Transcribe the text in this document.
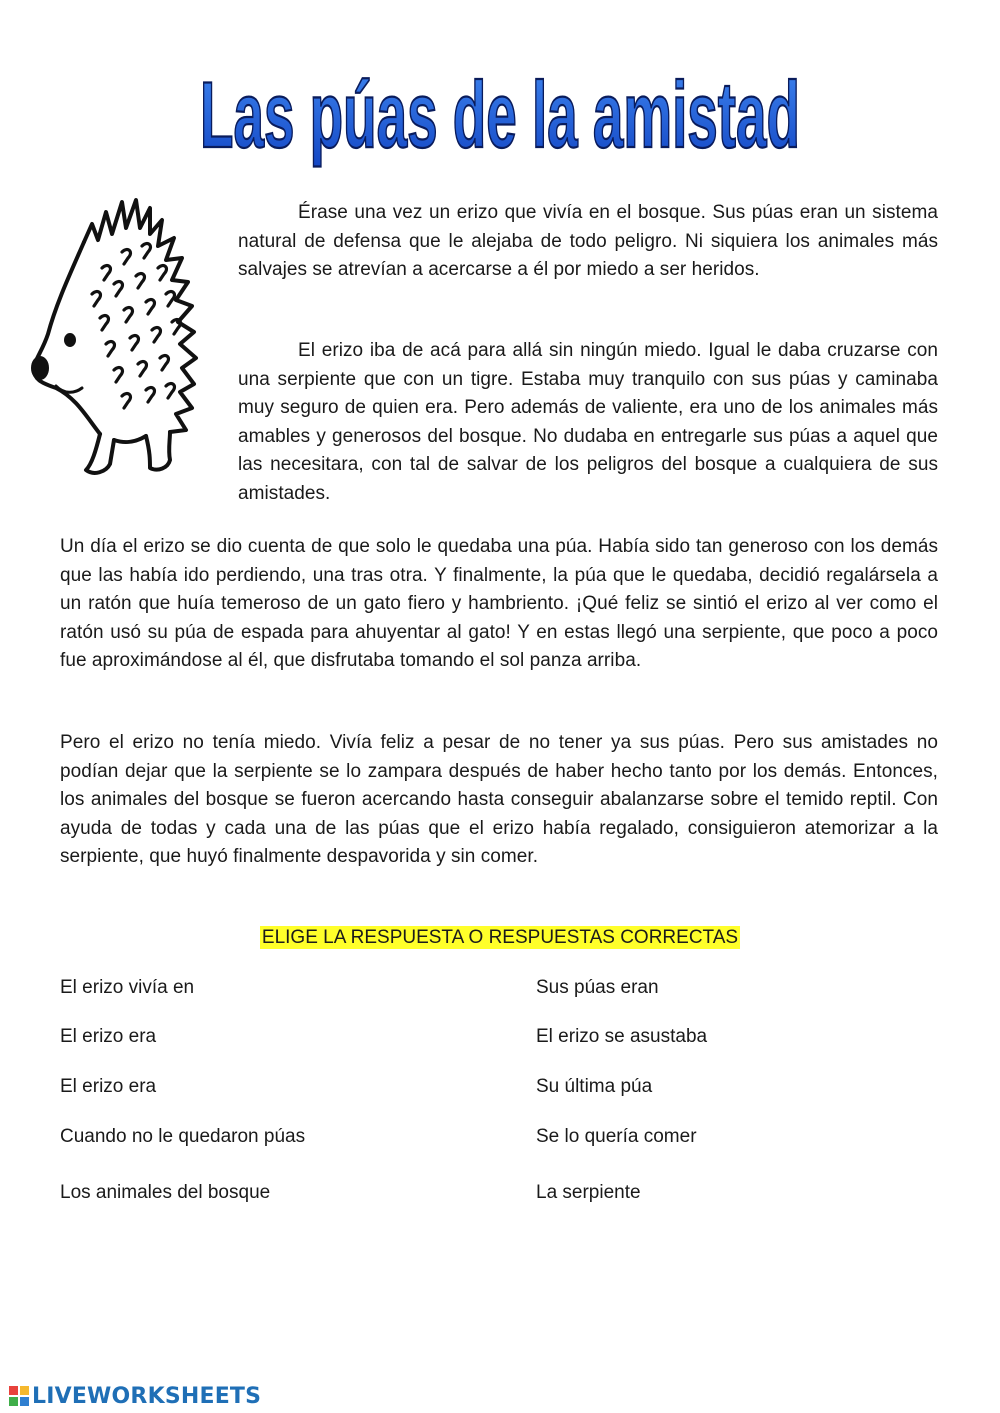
Las púas de la amistad

Érase una vez un erizo que vivía en el bosque. Sus púas eran un sistema natural de defensa que le alejaba de todo peligro. Ni siquiera los animales más salvajes se atrevían a acercarse a él por miedo a ser heridos.

El erizo iba de acá para allá sin ningún miedo. Igual le daba cruzarse con una serpiente que con un tigre. Estaba muy tranquilo con sus púas y caminaba muy seguro de quien era. Pero además de valiente, era uno de los animales más amables y generosos del bosque. No dudaba en entregarle sus púas a aquel que las necesitara, con tal de salvar de los peligros del bosque a cualquiera de sus amistades.

Un día el erizo se dio cuenta de que solo le quedaba una púa. Había sido tan generoso con los demás que las había ido perdiendo, una tras otra. Y finalmente, la púa que le quedaba, decidió regalársela a un ratón que huía temeroso de un gato fiero y hambriento. ¡Qué feliz se sintió el erizo al ver como el ratón usó su púa de espada para ahuyentar al gato! Y en estas llegó una serpiente, que poco a poco fue aproximándose al él, que disfrutaba tomando el sol panza arriba.

Pero el erizo no tenía miedo. Vivía feliz a pesar de no tener ya sus púas. Pero sus amistades no podían dejar que la serpiente se lo zampara después de haber hecho tanto por los demás. Entonces, los animales del bosque se fueron acercando hasta conseguir abalanzarse sobre el temido reptil. Con ayuda de todas y cada una de las púas que el erizo había regalado, consiguieron atemorizar a la serpiente, que huyó finalmente despavorida y sin comer.

ELIGE LA RESPUESTA O RESPUESTAS CORRECTAS
El erizo vivía en
El erizo era
El erizo era
Cuando no le quedaron púas
Los animales del bosque
Sus púas eran
El erizo se asustaba
Su última púa
Se lo quería comer
La serpiente
LIVEWORKSHEETS
